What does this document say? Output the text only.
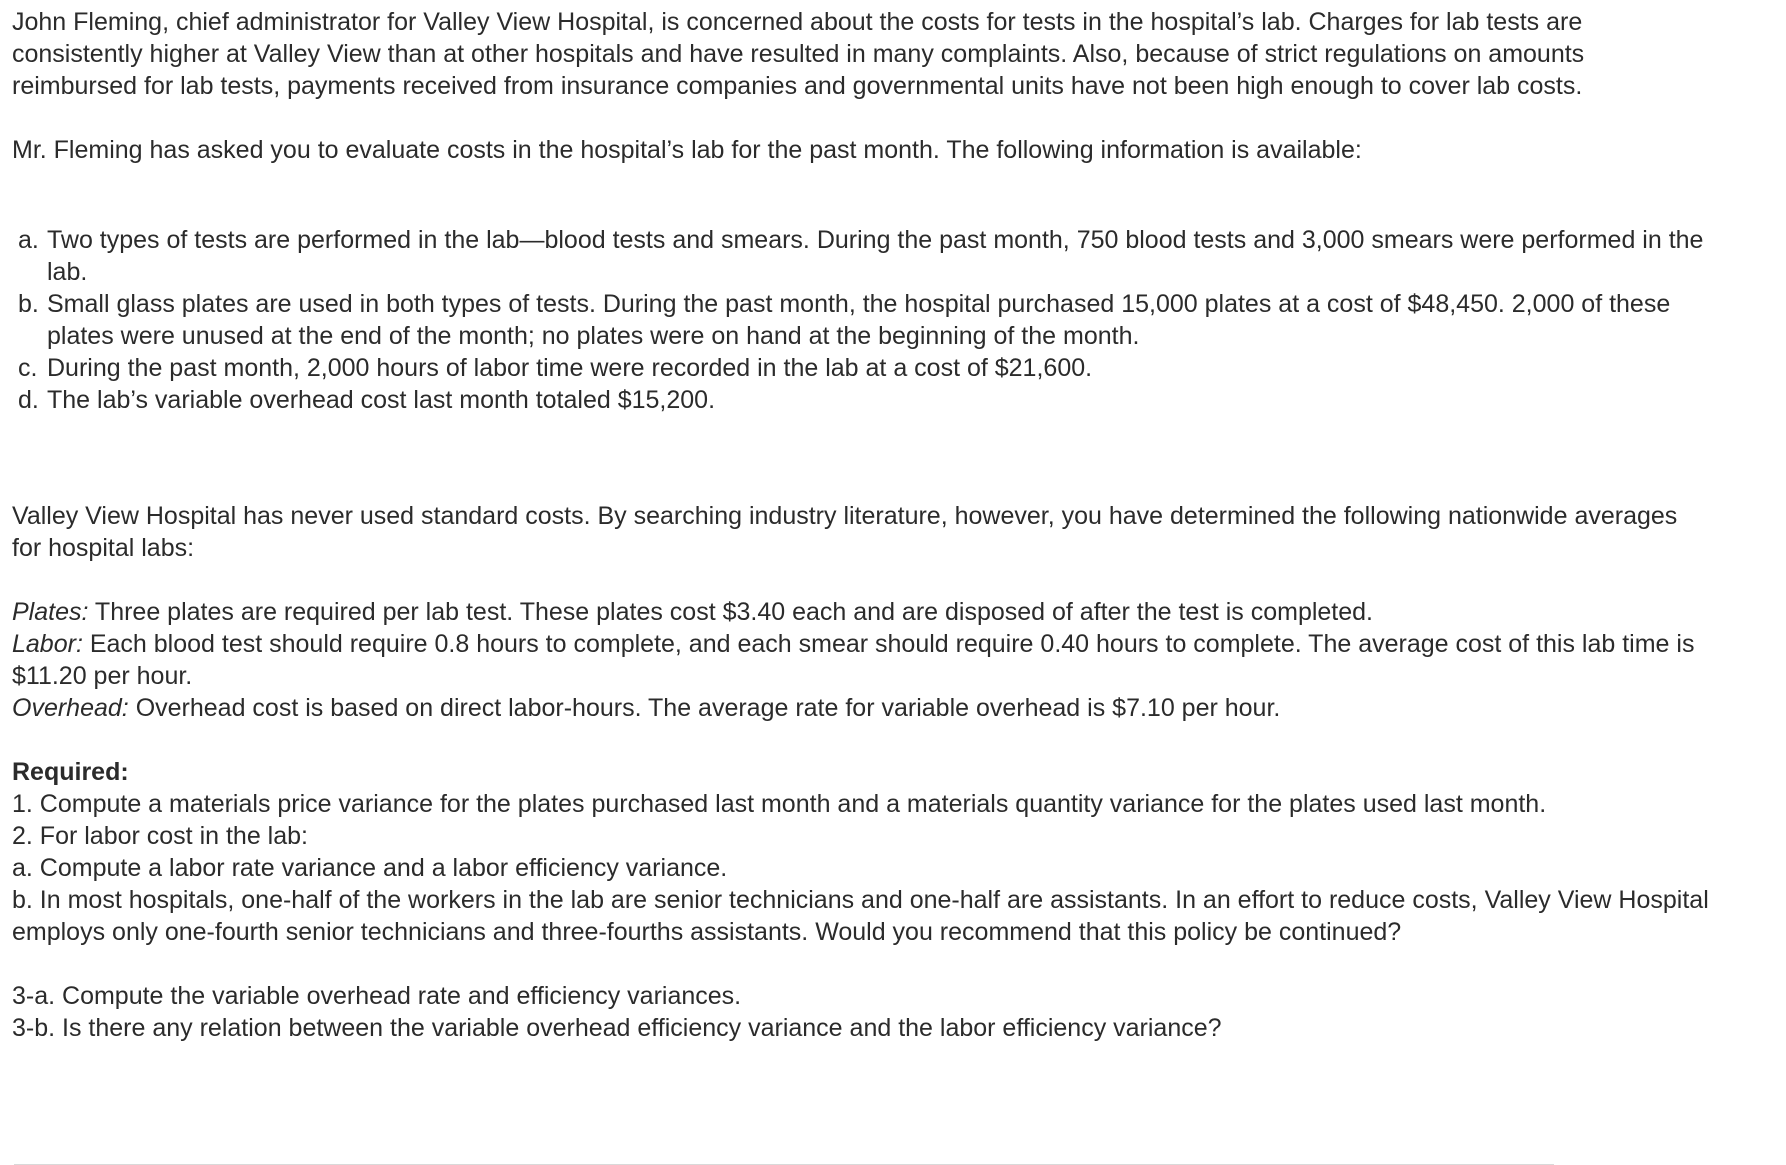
John Fleming, chief administrator for Valley View Hospital, is concerned about the costs for tests in the hospital’s lab. Charges for lab tests are consistently higher at Valley View than at other hospitals and have resulted in many complaints. Also, because of strict regulations on amounts reimbursed for lab tests, payments received from insurance companies and governmental units have not been high enough to cover lab costs.

Mr. Fleming has asked you to evaluate costs in the hospital’s lab for the past month. The following information is available:

a. Two types of tests are performed in the lab—blood tests and smears. During the past month, 750 blood tests and 3,000 smears were performed in the lab.
b. Small glass plates are used in both types of tests. During the past month, the hospital purchased 15,000 plates at a cost of $48,450. 2,000 of these plates were unused at the end of the month; no plates were on hand at the beginning of the month.
c. During the past month, 2,000 hours of labor time were recorded in the lab at a cost of $21,600.
d. The lab’s variable overhead cost last month totaled $15,200.

Valley View Hospital has never used standard costs. By searching industry literature, however, you have determined the following nationwide averages for hospital labs:

Plates: Three plates are required per lab test. These plates cost $3.40 each and are disposed of after the test is completed.

Labor: Each blood test should require 0.8 hours to complete, and each smear should require 0.40 hours to complete. The average cost of this lab time is $11.20 per hour.

Overhead: Overhead cost is based on direct labor-hours. The average rate for variable overhead is $7.10 per hour.

Required:

1. Compute a materials price variance for the plates purchased last month and a materials quantity variance for the plates used last month.

2. For labor cost in the lab:

a. Compute a labor rate variance and a labor efficiency variance.

b. In most hospitals, one-half of the workers in the lab are senior technicians and one-half are assistants. In an effort to reduce costs, Valley View Hospital employs only one-fourth senior technicians and three-fourths assistants. Would you recommend that this policy be continued?

3-a. Compute the variable overhead rate and efficiency variances.

3-b. Is there any relation between the variable overhead efficiency variance and the labor efficiency variance?
